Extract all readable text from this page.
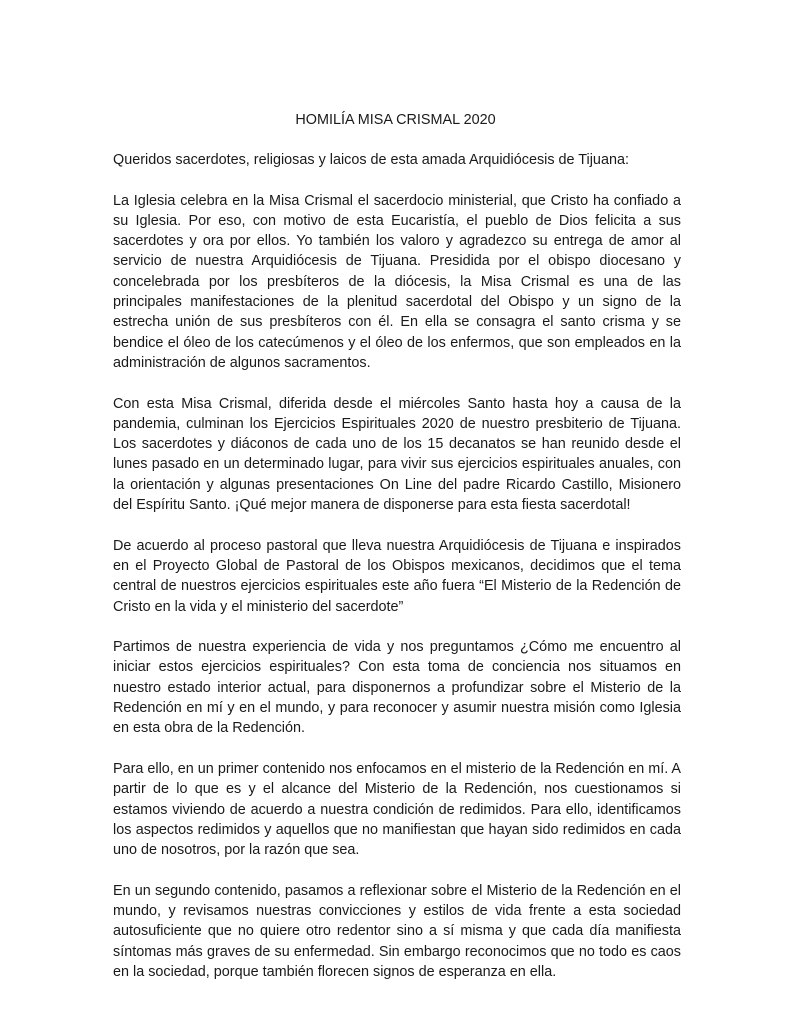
HOMILÍA MISA CRISMAL 2020

Queridos sacerdotes, religiosas y laicos de esta amada Arquidiócesis de Tijuana:

La Iglesia celebra en la Misa Crismal el sacerdocio ministerial, que Cristo ha confiado a su Iglesia. Por eso, con motivo de esta Eucaristía, el pueblo de Dios felicita a sus sacerdotes y ora por ellos. Yo también los valoro y agradezco su entrega de amor al servicio de nuestra Arquidiócesis de Tijuana. Presidida por el obispo diocesano y concelebrada por los presbíteros de la diócesis, la Misa Crismal es una de las principales manifestaciones de la plenitud sacerdotal del Obispo y un signo de la estrecha unión de sus presbíteros con él. En ella se consagra el santo crisma y se bendice el óleo de los catecúmenos y el óleo de los enfermos, que son empleados en la administración de algunos sacramentos.

Con esta Misa Crismal, diferida desde el miércoles Santo hasta hoy a causa de la pandemia, culminan los Ejercicios Espirituales 2020 de nuestro presbiterio de Tijuana. Los sacerdotes y diáconos de cada uno de los 15 decanatos se han reunido desde el lunes pasado en un determinado lugar, para vivir sus ejercicios espirituales anuales, con la orientación y algunas presentaciones On Line del padre Ricardo Castillo, Misionero del Espíritu Santo. ¡Qué mejor manera de disponerse para esta fiesta sacerdotal!

De acuerdo al proceso pastoral que lleva nuestra Arquidiócesis de Tijuana e inspirados en el Proyecto Global de Pastoral de los Obispos mexicanos, decidimos que el tema central de nuestros ejercicios espirituales este año fuera “El Misterio de la Redención de Cristo en la vida y el ministerio del sacerdote”

Partimos de nuestra experiencia de vida y nos preguntamos ¿Cómo me encuentro al iniciar estos ejercicios espirituales? Con esta toma de conciencia nos situamos en nuestro estado interior actual, para disponernos a profundizar sobre el Misterio de la Redención en mí y en el mundo, y para reconocer y asumir nuestra misión como Iglesia en esta obra de la Redención.

Para ello, en un primer contenido nos enfocamos en el misterio de la Redención en mí. A partir de lo que es y el alcance del Misterio de la Redención, nos cuestionamos si estamos viviendo de acuerdo a nuestra condición de redimidos. Para ello, identificamos los aspectos redimidos y aquellos que no manifiestan que hayan sido redimidos en cada uno de nosotros, por la razón que sea.

En un segundo contenido, pasamos a reflexionar sobre el Misterio de la Redención en el mundo, y revisamos nuestras convicciones y estilos de vida frente a esta sociedad autosuficiente que no quiere otro redentor sino a sí misma y que cada día manifiesta síntomas más graves de su enfermedad. Sin embargo reconocimos que no todo es caos en la sociedad, porque también florecen signos de esperanza en ella.
